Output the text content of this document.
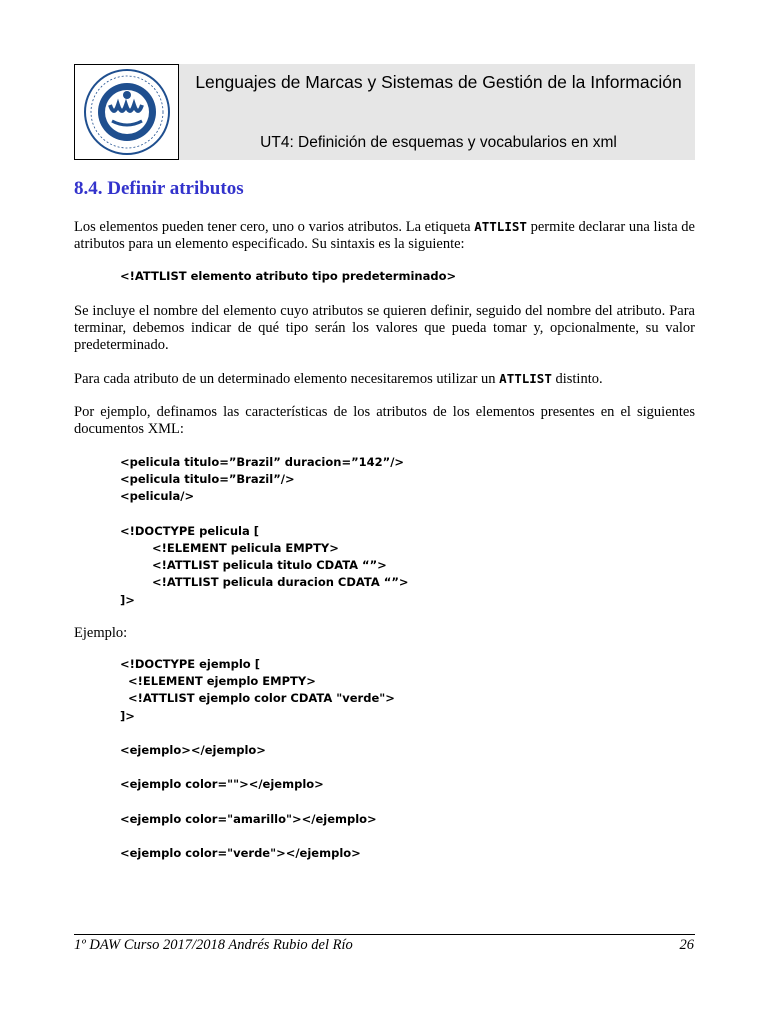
Lenguajes de Marcas y Sistemas de Gestión de la Información
UT4: Definición de esquemas y vocabularios en xml
8.4. Definir atributos

Los elementos pueden tener cero, uno o varios atributos. La etiqueta ATTLIST permite declarar una lista de atributos para un elemento especificado. Su sintaxis es la siguiente:

<!ATTLIST elemento atributo tipo predeterminado>

Se incluye el nombre del elemento cuyo atributos se quieren definir, seguido del nombre del atributo. Para terminar, debemos indicar de qué tipo serán los valores que pueda tomar y, opcionalmente, su valor predeterminado.

Para cada atributo de un determinado elemento necesitaremos utilizar un ATTLIST distinto.

Por ejemplo, definamos las características de los atributos de los elementos presentes en el siguientes documentos XML:

<pelicula titulo=”Brazil” duracion=”142”/>
<pelicula titulo=”Brazil”/>
<pelicula/>

<!DOCTYPE pelicula [
<!ELEMENT pelicula EMPTY>
<!ATTLIST pelicula titulo CDATA “”>
<!ATTLIST pelicula duracion CDATA “”>
]>

Ejemplo:

<!DOCTYPE ejemplo [
<!ELEMENT ejemplo EMPTY>
<!ATTLIST ejemplo color CDATA "verde">
]>

<ejemplo></ejemplo>

<ejemplo color=""></ejemplo>

<ejemplo color="amarillo"></ejemplo>

<ejemplo color="verde"></ejemplo>
1º DAW Curso 2017/2018 Andrés Rubio del Río	26
